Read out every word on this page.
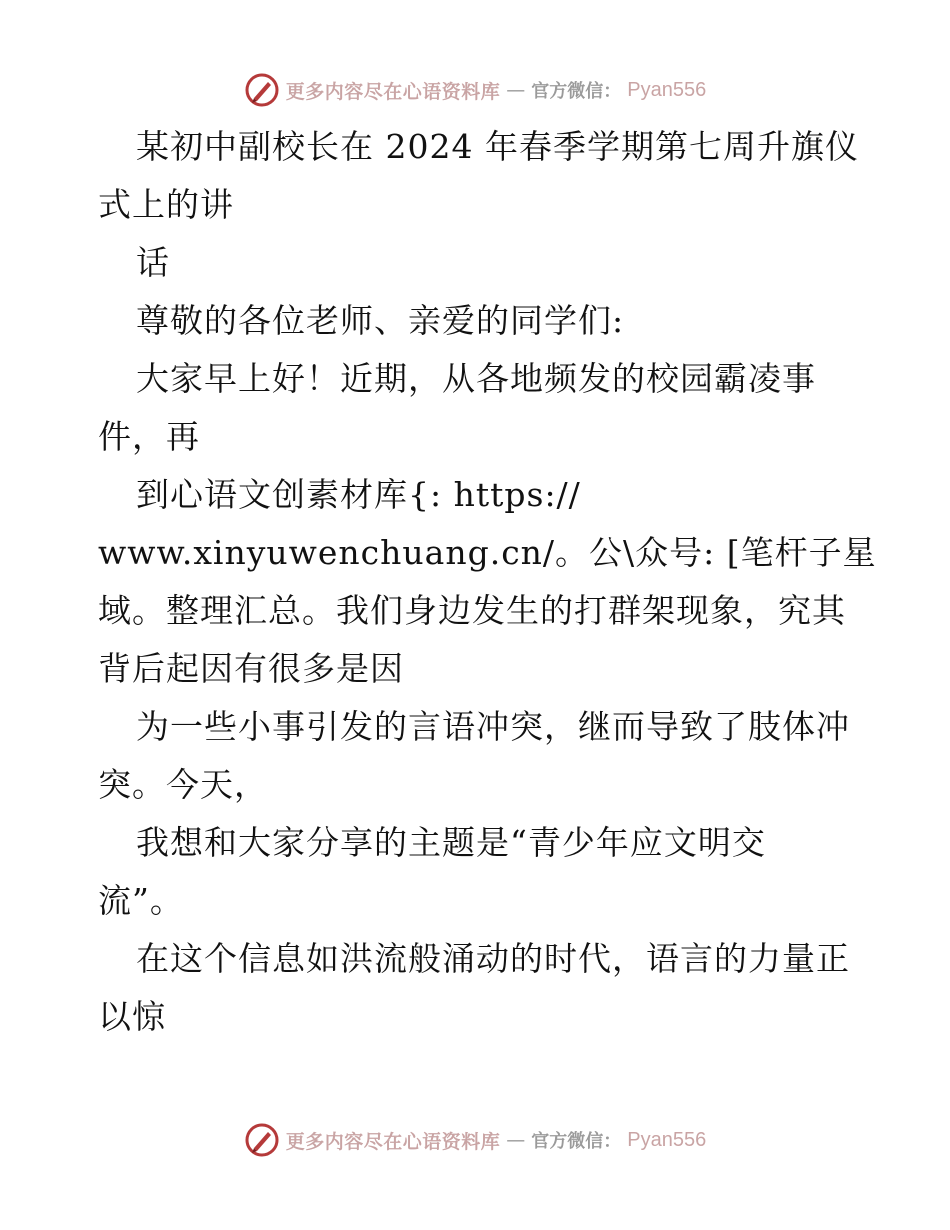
更多内容尽在心语资料库 — 官方微信： Pyan556
某初中副校长在 2024 年春季学期第七周升旗仪
式上的讲
话
尊敬的各位老师、亲爱的同学们:
大家早上好！近期，从各地频发的校园霸凌事
件，再
到心语文创素材库{: https://
www.xinyuwenchuang.cn/。公\众号: [笔杆子星
域。整理汇总。我们身边发生的打群架现象，究其
背后起因有很多是因
为一些小事引发的言语冲突，继而导致了肢体冲
突。今天，
我想和大家分享的主题是“青少年应文明交
流”。
在这个信息如洪流般涌动的时代，语言的力量正
以惊
更多内容尽在心语资料库 — 官方微信： Pyan556
